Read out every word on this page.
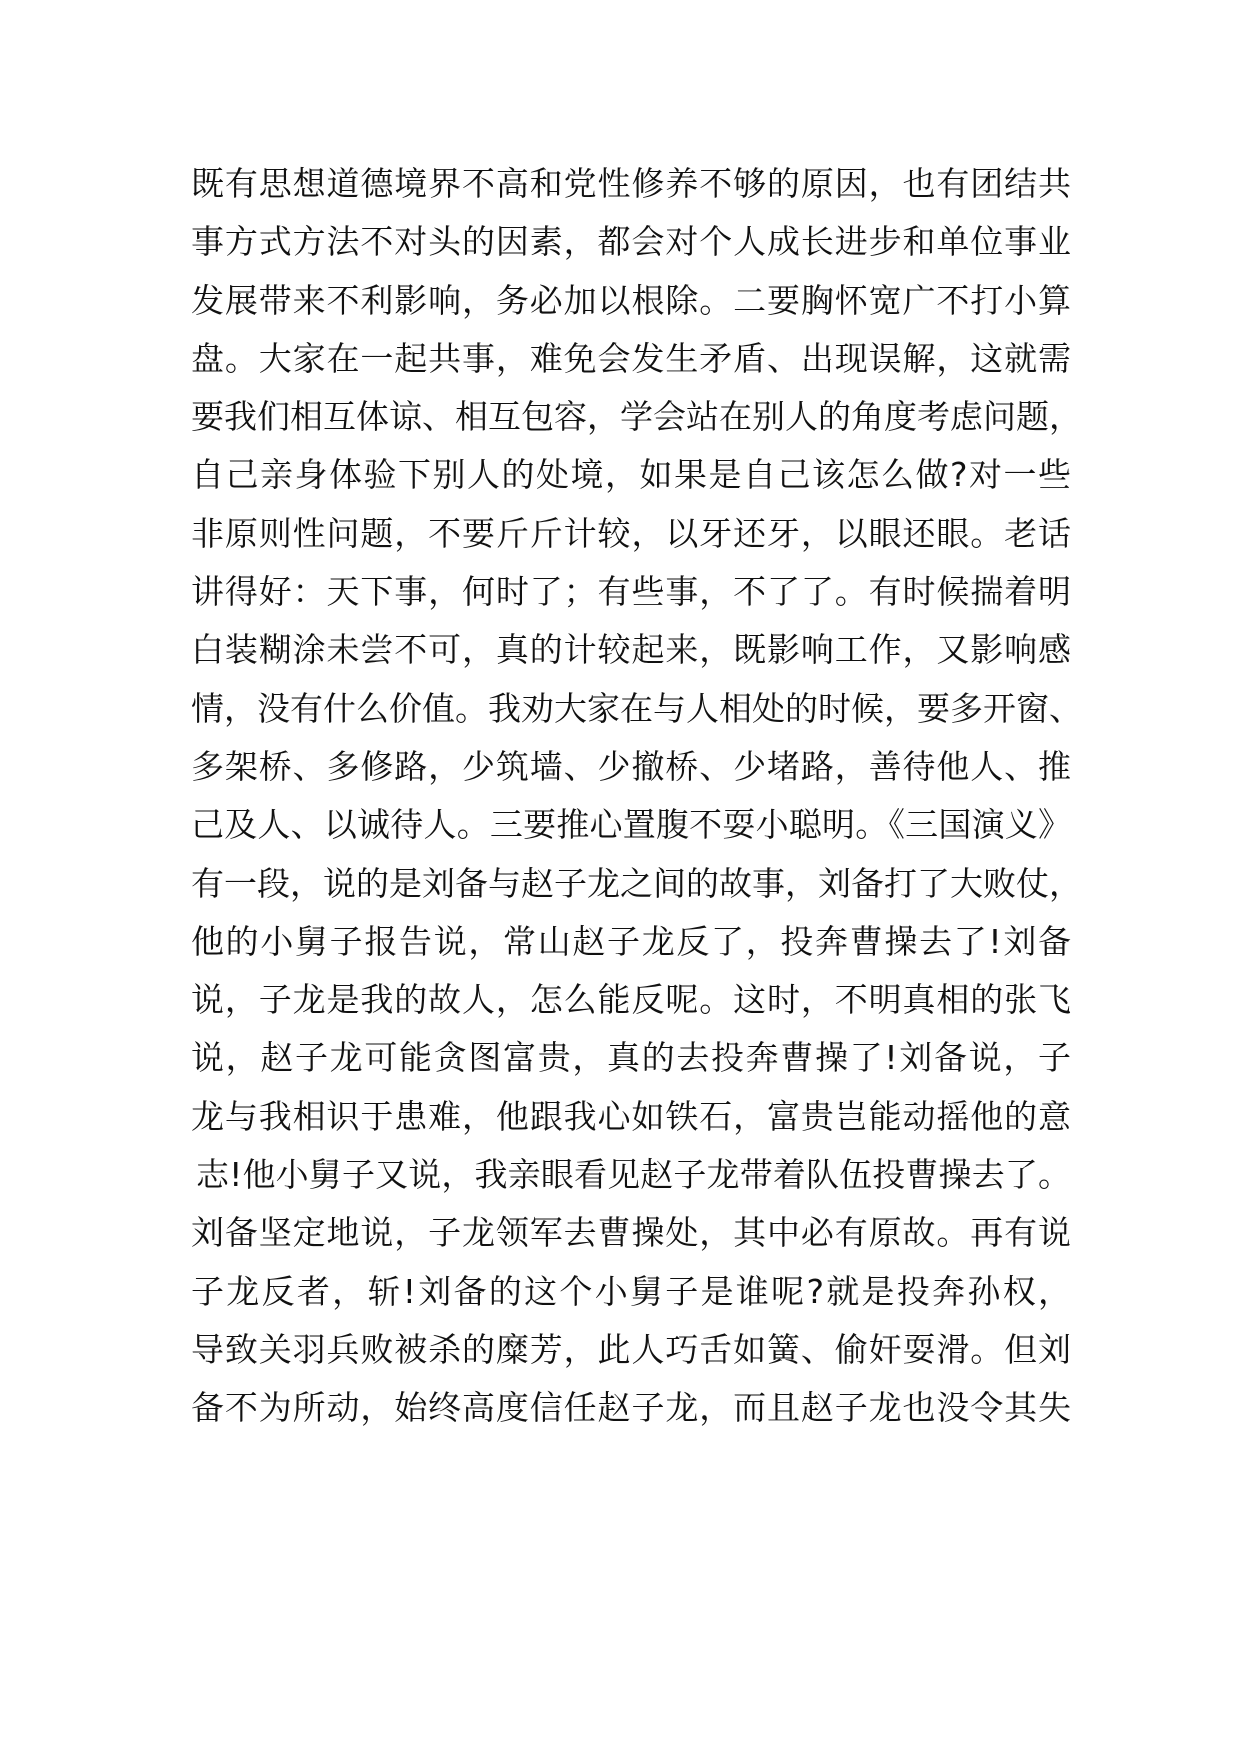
既有思想道德境界不高和党性修养不够的原因，也有团结共
事方式方法不对头的因素，都会对个人成长进步和单位事业
发展带来不利影响，务必加以根除。二要胸怀宽广不打小算
盘。大家在一起共事，难免会发生矛盾、出现误解，这就需
要我们相互体谅、相互包容，学会站在别人的角度考虑问题，
自己亲身体验下别人的处境，如果是自己该怎么做?对一些
非原则性问题，不要斤斤计较，以牙还牙，以眼还眼。老话
讲得好：天下事，何时了；有些事，不了了。有时候揣着明
白装糊涂未尝不可，真的计较起来，既影响工作，又影响感
情，没有什么价值。我劝大家在与人相处的时候，要多开窗、
多架桥、多修路，少筑墙、少撤桥、少堵路，善待他人、推
己及人、以诚待人。三要推心置腹不耍小聪明。《三国演义》
有一段，说的是刘备与赵子龙之间的故事，刘备打了大败仗，
他的小舅子报告说，常山赵子龙反了，投奔曹操去了!刘备
说，子龙是我的故人，怎么能反呢。这时，不明真相的张飞
说，赵子龙可能贪图富贵，真的去投奔曹操了!刘备说，子
龙与我相识于患难，他跟我心如铁石，富贵岂能动摇他的意
志!他小舅子又说，我亲眼看见赵子龙带着队伍投曹操去了。
刘备坚定地说，子龙领军去曹操处，其中必有原故。再有说
子龙反者，斩!刘备的这个小舅子是谁呢?就是投奔孙权，
导致关羽兵败被杀的糜芳，此人巧舌如簧、偷奸耍滑。但刘
备不为所动，始终高度信任赵子龙，而且赵子龙也没令其失
